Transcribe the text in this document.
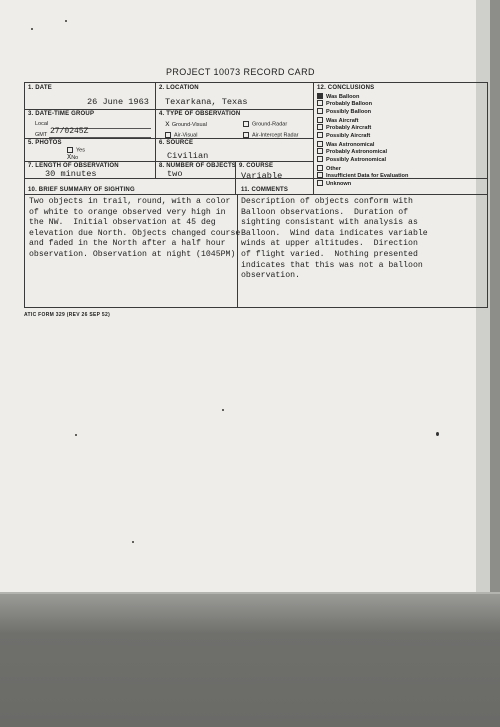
PROJECT 10073 RECORD CARD
1. DATE
26 June 1963
2. LOCATION
Texarkana, Texas
3. DATE-TIME GROUP
Local
GMT 27/0245Z
4. TYPE OF OBSERVATION
x Ground-Visual	Ground-Radar
Air-Visual	Air-Intercept Radar
5. PHOTOS
Yes
XNo
6. SOURCE
Civilian
7. LENGTH OF OBSERVATION
30 minutes
8. NUMBER OF OBJECTS
two
9. COURSE
Variable
12. CONCLUSIONS
Was Balloon
Probably Balloon
Possibly Balloon
Was Aircraft
Probably Aircraft
Possibly Aircraft
Was Astronomical
Probably Astronomical
Possibly Astronomical
Other
Insufficient Data for Evaluation
Unknown
10. BRIEF SUMMARY OF SIGHTING
Two objects in trail, round, with a color
of white to orange observed very high in
the NW.  Initial observation at 45 deg
elevation due North. Objects changed course
and faded in the North after a half hour
observation. Observation at night (1045PM)
11. COMMENTS
Description of objects conform with
Balloon observations.  Duration of
sighting consistant with analysis as
Balloon.  Wind data indicates variable
winds at upper altitudes.  Direction
of flight varied.  Nothing presented
indicates that this was not a balloon
observation.
ATIC FORM 329 (REV 26 SEP 52)
